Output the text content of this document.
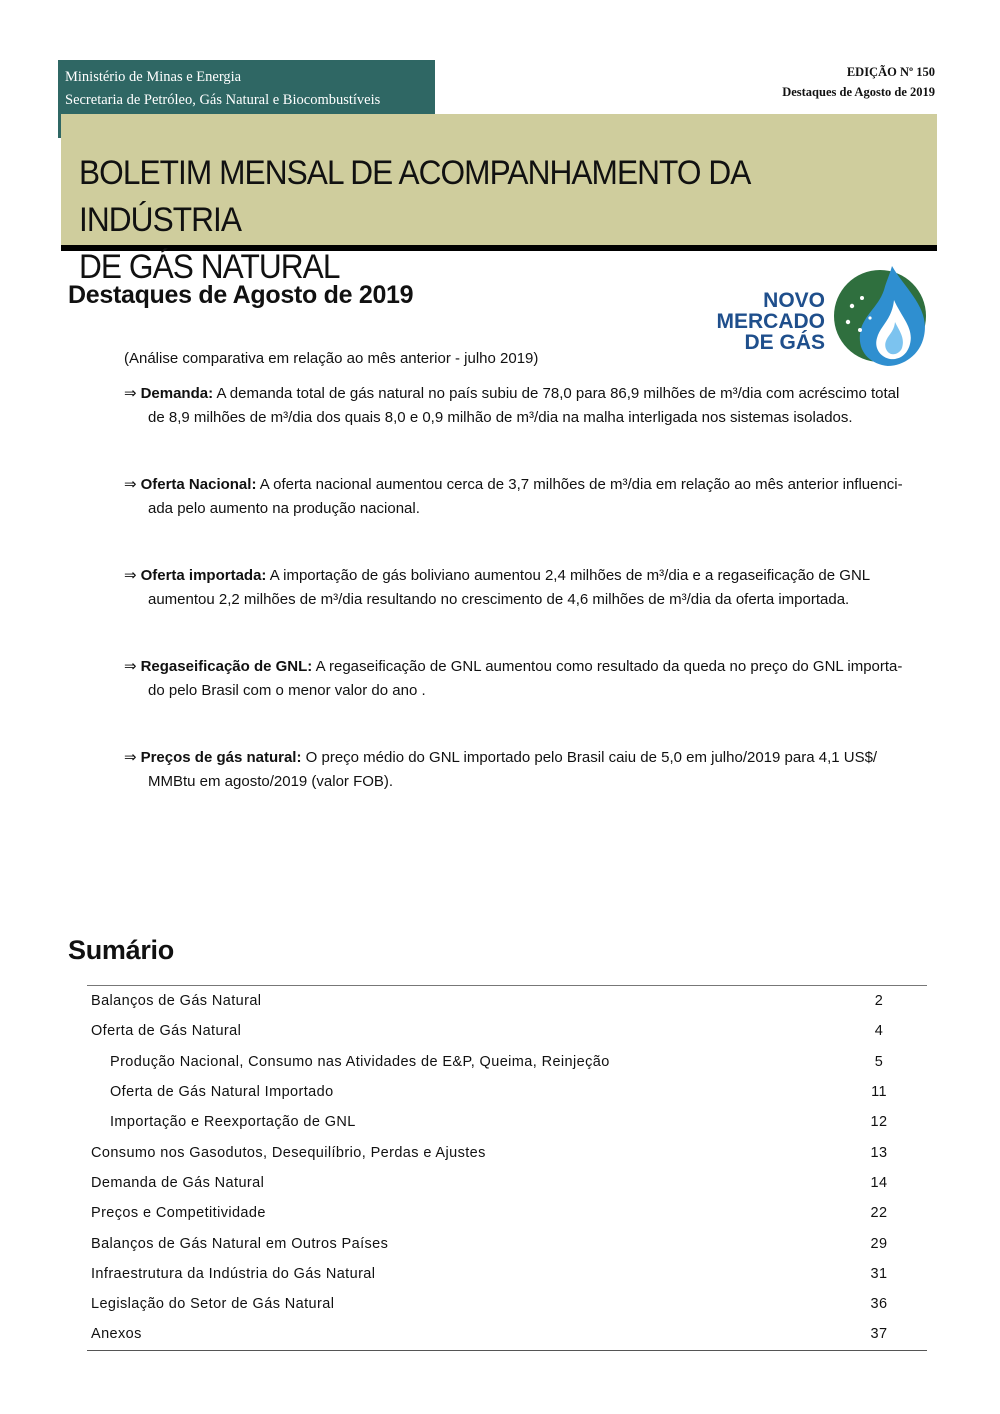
Ministério de Minas e Energia
Secretaria de Petróleo, Gás Natural e Biocombustíveis
EDIÇÃO Nº 150
Destaques de Agosto de 2019
BOLETIM MENSAL DE ACOMPANHAMENTO DA INDÚSTRIA
DE GÁS NATURAL
Destaques de Agosto de 2019	NOVO
MERCADO
DE GÁS
(Análise comparativa em relação ao mês anterior - julho 2019)
⇒ Demanda: A demanda total de gás natural no país subiu de 78,0 para 86,9 milhões de m³/dia com acréscimo total
de 8,9 milhões de m³/dia dos quais 8,0 e 0,9 milhão de m³/dia na malha interligada nos sistemas isolados.
⇒ Oferta Nacional: A oferta nacional aumentou cerca de 3,7 milhões de m³/dia em relação ao mês anterior influenci-
ada pelo aumento na produção nacional.
⇒ Oferta importada: A importação de gás boliviano aumentou 2,4 milhões de m³/dia e a regaseificação de GNL
aumentou 2,2 milhões de m³/dia resultando no crescimento de 4,6 milhões de m³/dia da oferta importada.
⇒ Regaseificação de GNL: A regaseificação de GNL aumentou como resultado da queda no preço do GNL importa-
do pelo Brasil com o menor valor do ano .
⇒ Preços de gás natural: O preço médio do GNL importado pelo Brasil caiu de 5,0 em julho/2019 para 4,1 US$/
MMBtu em agosto/2019 (valor FOB).
Sumário
Balanços de Gás Natural	2
Oferta de Gás Natural	4
Produção Nacional, Consumo nas Atividades de E&P, Queima, Reinjeção	5
Oferta de Gás Natural Importado	11
Importação e Reexportação de GNL	12
Consumo nos Gasodutos, Desequilíbrio, Perdas e Ajustes	13
Demanda de Gás Natural	14
Preços e Competitividade	22
Balanços de Gás Natural em Outros Países	29
Infraestrutura da Indústria do Gás Natural	31
Legislação do Setor de Gás Natural	36
Anexos	37
